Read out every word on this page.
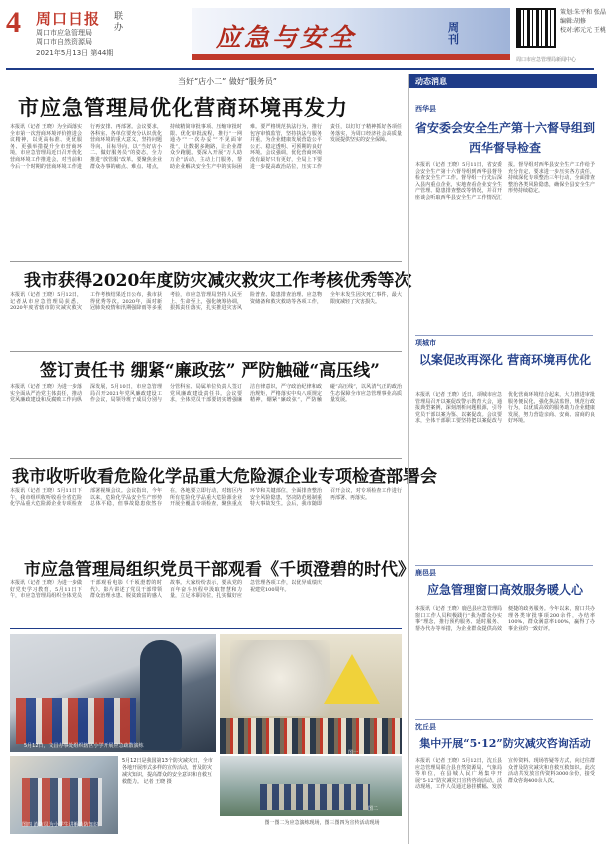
4 周口日报 联办
周口市应急管理局
周口市自然资源局
2021年5月13日 第44期
应急与安全	周刊
策划:朱平和 张晶
编辑:胡修
校对:郭元元 王桃
周口市应急管理局新闻中心
当好“店小二” 做好“服务员”
市应急管理局优化营商环境再发力
本报讯（记者 王晓）为全面落实全市第一次营商环境评价推进会议精神，以更高标准、更优服务、更强举措提升全市营商环境，市应急管理局近日召开优化营商环境工作推进会，对当前和今后一个时期的营商环境工作进行再安排、再部署。会议要求，各科室、各单位要充分认识优化营商环境的重大意义，坚持问题导向、目标导向，以“当好店小二、做好服务员”的姿态，全力推进“放管服”改革。要聚焦企业群众办事的痛点、难点、堵点，持续精简审批事项、压缩审批时限、优化审批流程，推行“一网通办”“一次办妥”“不见面审批”，让数据多跑路，让企业群众少跑腿。要深入开展“万人助万企”活动，主动上门服务，帮助企业解决安全生产中的实际困难。要严格规范执法行为，推行包容审慎监管，坚持执法与服务并重，为企业健康发展营造公平公正、稳定透明、可预期的良好环境。会议强调，优化营商环境没有最好只有更好，全局上下要进一步提高政治站位，压实工作责任，以钉钉子精神抓好各项任务落实，为周口经济社会高质量发展提供坚实的安全保障。
我市获得2020年度防灾减灾救灾工作考核优秀等次
本报讯（记者 王晓）5月12日，记者从市应急管理局获悉，2020年度省辖市防灾减灾救灾工作考核结果近日公布，我市获得优秀等次。2020年，面对新冠肺炎疫情和汛期强降雨等多重考验，市应急管理局坚持人民至上、生命至上，强化统筹协调，狠抓责任落实，扎实推进灾害风险普查、隐患排查治理、应急物资储备和救灾救助等各项工作，全年未发生因灾死亡事件，最大限度减轻了灾害损失。
签订责任书 绷紧“廉政弦” 严防触碰“高压线”
本报讯（记者 王晓）为进一步落实全面从严治党主体责任，推动党风廉政建设和反腐败工作向纵深发展，5月10日，市应急管理局召开2021年党风廉政建设工作会议，局领导班子成员分别与分管科室、局属单位负责人签订党风廉政建设责任书。会议要求，全体党员干部要切实增强廉洁自律意识，严守政治纪律和政治规矩，严格落实中央八项规定精神，绷紧“廉政弦”，严防触碰“高压线”，以风清气正的政治生态保障全市应急管理事业高质量发展。
我市收听收看危险化学品重大危险源企业专项检查部署会
本报讯（记者 王晓）5月11日下午，我市组织收听收看全省危险化学品重大危险源企业专项检查部署视频会议。会议指出，今年以来，危险化学品安全生产形势总体平稳，但事故隐患依然存在，各地要立即行动，对辖区内所有危险化学品重大危险源企业开展全覆盖专项检查，聚焦重点环节和关键部位，全面排查整治安全风险隐患，坚决防范遏制重特大事故发生。会后，我市随即召开会议，对专项检查工作进行再部署、再落实。
市应急管理局组织党员干部观看《千顷澄碧的时代》
本报讯（记者 王晓）为进一步做好党史学习教育，5月11日下午，市应急管理局组织全体党员干部观看电影《千顷澄碧的时代》。影片讲述了党员干部带领群众治理水患、脱贫致富的感人故事。大家纷纷表示，要从党的百年奋斗历程中汲取智慧和力量，立足本职岗位，扎实做好应急管理各项工作，以优异成绩庆祝建党100周年。
5月12日，文昌办事处组织辖区小学开展应急疏散演练
图一
图四 消防员为小学生讲解消防知识
5月12日是我国第13个防灾减灾日，全市各地开展形式多样的宣传活动，普及防灾减灾知识，提高群众的安全意识和自救互救能力。 记者 王晓 摄
图一图二为应急演练现场，图三图四为宣传活动现场
图二
动态消息
西华县
省安委会安全生产第十六督导组到西华督导检查
本报讯（记者 王晓）5月11日，省安委会安全生产第十六督导组到西华县督导检查安全生产工作。督导组一行先后深入县内重点企业，实地查看企业安全生产管理、隐患排查整改等情况，并召开座谈会听取西华县安全生产工作情况汇报。督导组对西华县安全生产工作给予充分肯定，要求进一步压实各方责任，持续深化专项整治三年行动，全面排查整治各类风险隐患，确保全县安全生产形势持续稳定。
项城市
以案促改再深化 营商环境再优化
本报讯（记者 王晓）近日，项城市应急管理局召开以案促改警示教育大会，通报典型案例，深刻剖析问题根源，引导党员干部以案为鉴、以案促改。会议要求，全体干部职工要坚持把以案促改与优化营商环境结合起来，大力推进审批服务便民化，强化执法监督，规范行政行为，以优质高效的服务助力企业健康发展，努力营造亲商、安商、富商的良好环境。
鹿邑县
应急管理窗口高效服务暖人心
本报讯（记者 王晓）鹿邑县应急管理局窗口工作人员积极践行“我为群众办实事”理念，推行预约服务、延时服务、帮办代办等举措，为企业群众提供高效便捷的政务服务。今年以来，窗口共办理各类审批事项200余件，办结率100%，群众满意率100%，赢得了办事企业的一致好评。
沈丘县
集中开展“5·12”防灾减灾咨询活动
本报讯（记者 王晓）5月12日，沈丘县应急管理局联合县自然资源局、气象局等单位，在县城人民广场集中开展“5·12”防灾减灾日宣传咨询活动。活动现场，工作人员通过悬挂横幅、发放宣传资料、现场答疑等方式，向过往群众普及防灾减灾和自救互救知识。此次活动共发放宣传资料3000余份，接受群众咨询400余人次。
